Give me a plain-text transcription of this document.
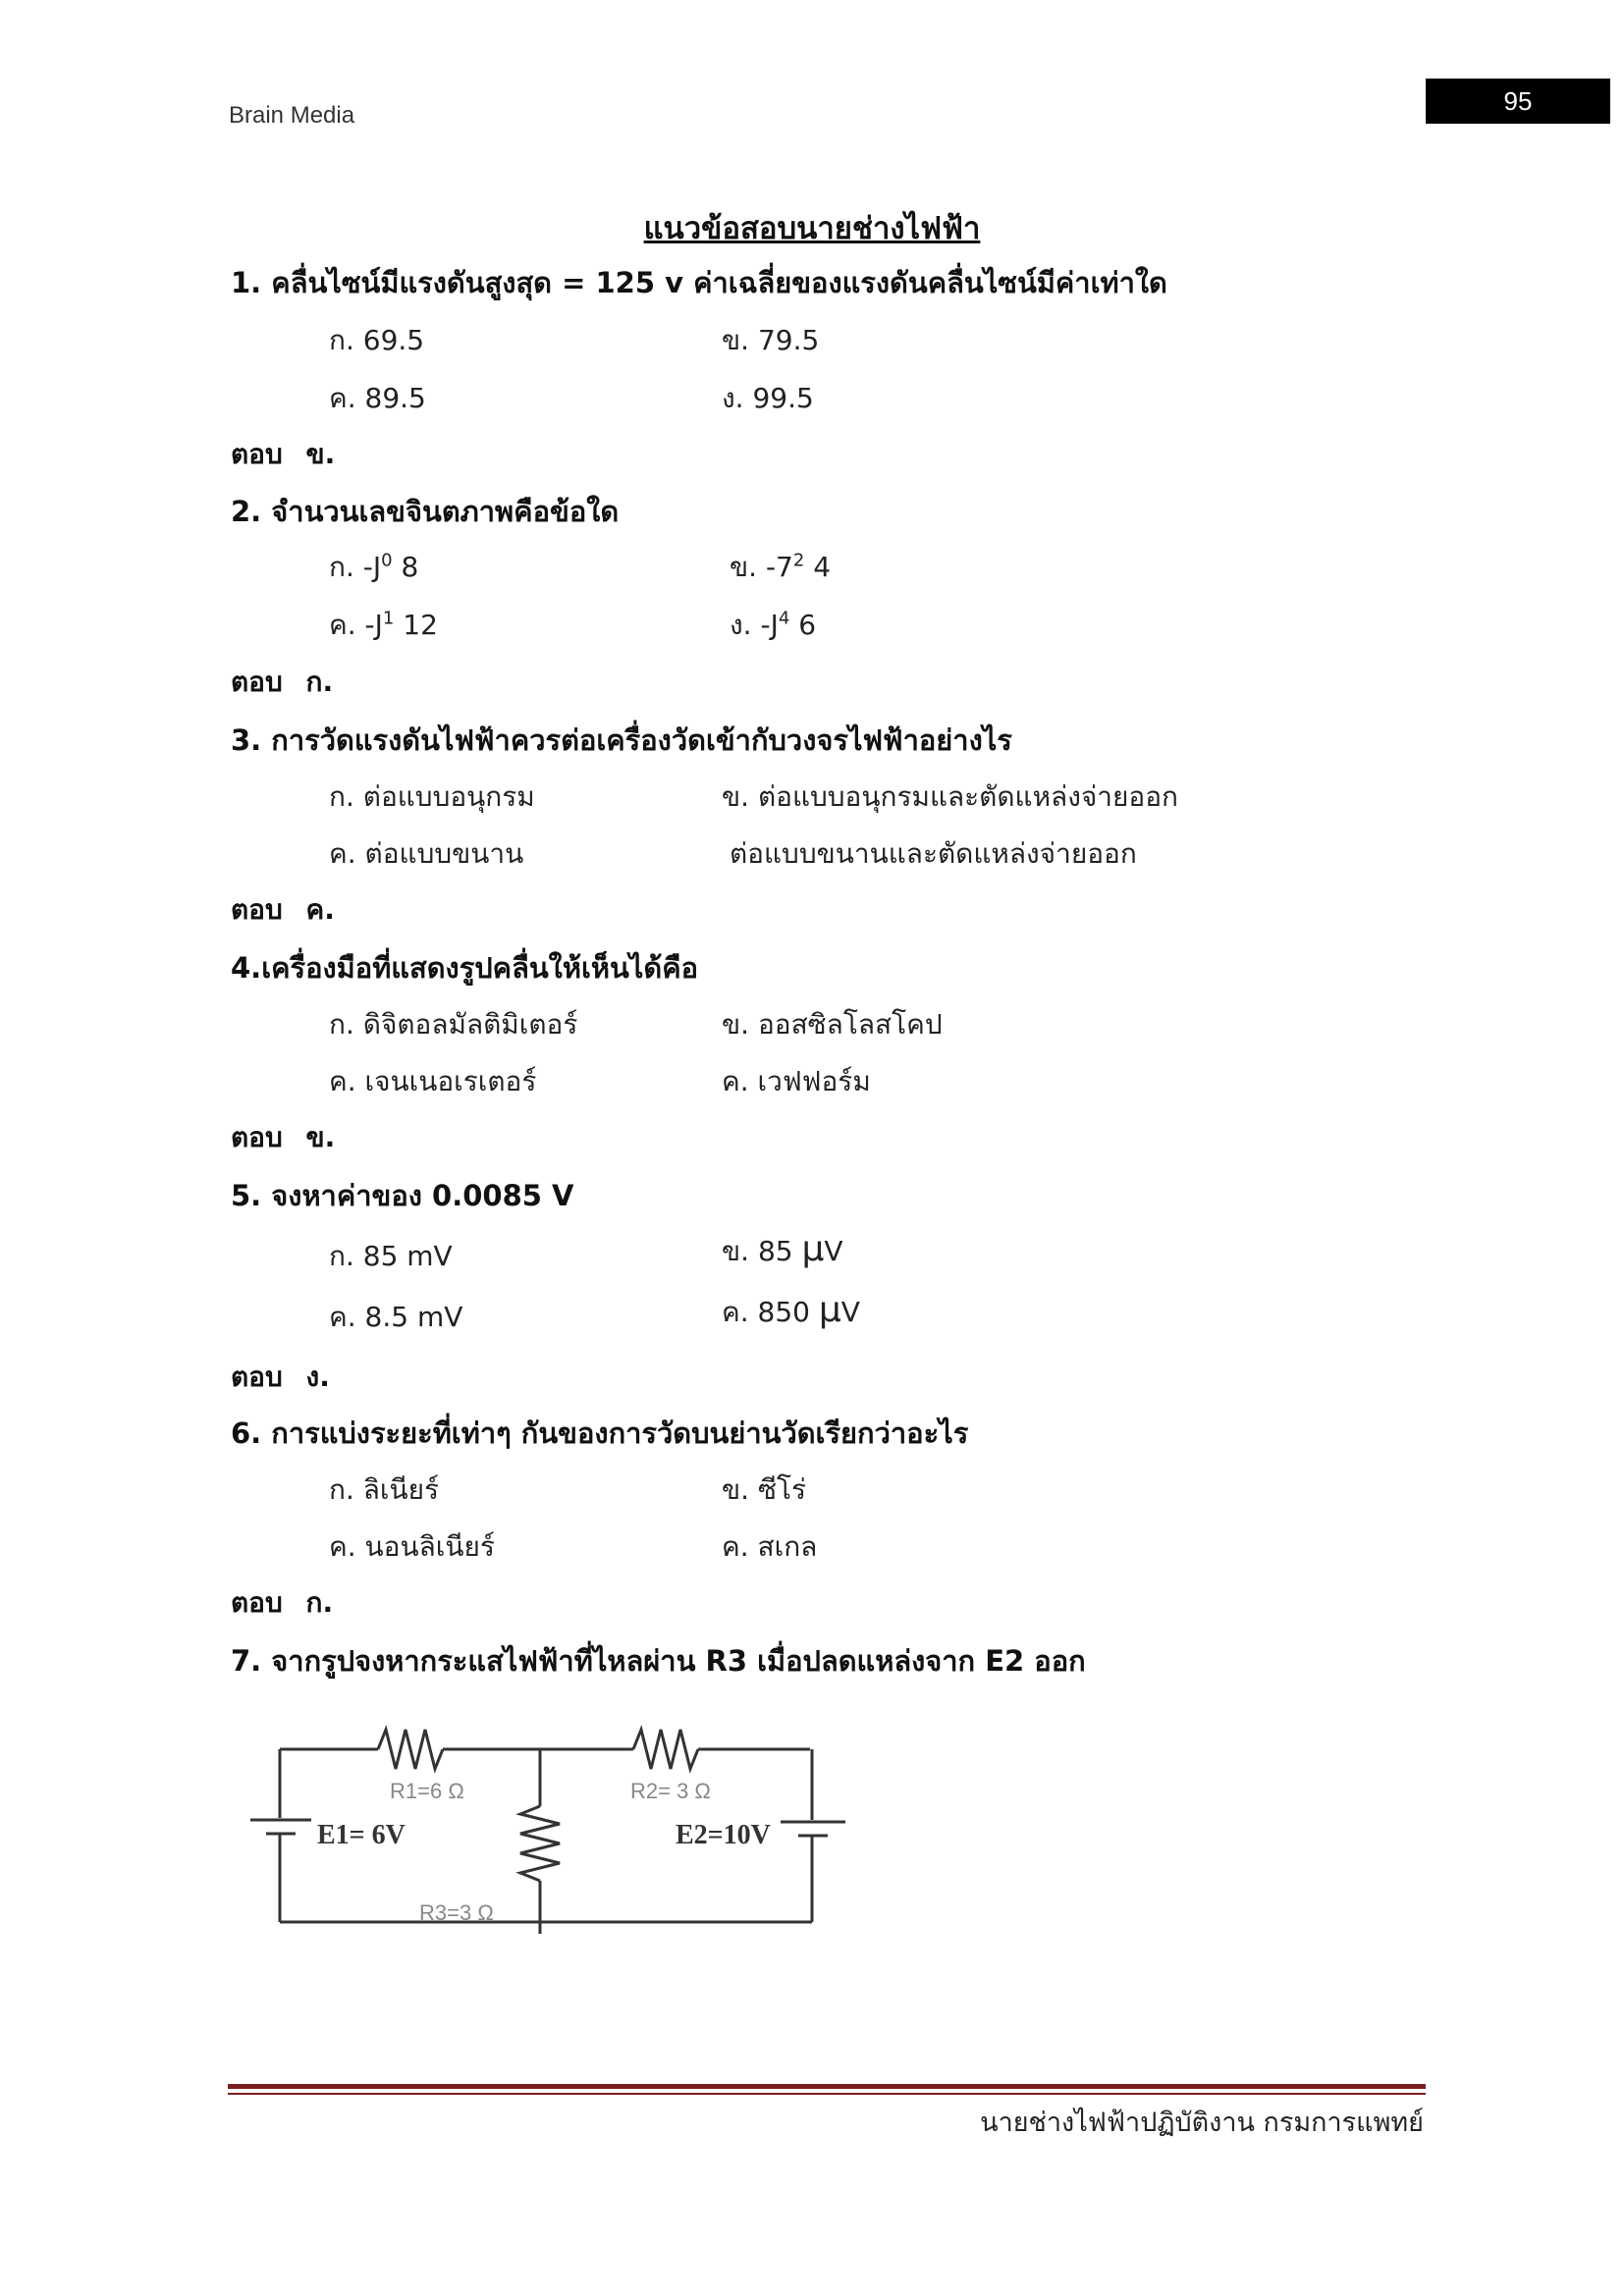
Brain Media	95
แนวข้อสอบนายช่างไฟฟ้า
1. คลื่นไซน์มีแรงดันสูงสุด = 125 v ค่าเฉลี่ยของแรงดันคลื่นไซน์มีค่าเท่าใด
ก. 69.5	ข. 79.5
ค. 89.5	ง. 99.5
ตอบ ข.
2. จำนวนเลขจินตภาพคือข้อใด
ก. $-J^0$ 8	ข. $-7^2$ 4
ค. $-J^1$ 12	ง. $-J^4$ 6
ตอบ ก.
3. การวัดแรงดันไฟฟ้าควรต่อเครื่องวัดเข้ากับวงจรไฟฟ้าอย่างไร
ก. ต่อแบบอนุกรม	ข. ต่อแบบอนุกรมและตัดแหล่งจ่ายออก
ค. ต่อแบบขนาน	ต่อแบบขนานและตัดแหล่งจ่ายออก
ตอบ ค.
4.เครื่องมือที่แสดงรูปคลื่นให้เห็นได้คือ
ก. ดิจิตอลมัลติมิเตอร์	ข. ออสซิลโลสโคป
ค. เจนเนอเรเตอร์	ค. เวฟฟอร์ม
ตอบ ข.
5. จงหาค่าของ 0.0085 V
ก. 85 mV	ข. 85 μV
ค. 8.5 mV	ค. 850 μV
ตอบ ง.
6. การแบ่งระยะที่เท่าๆ กันของการวัดบนย่านวัดเรียกว่าอะไร
ก. ลิเนียร์	ข. ซีโร่
ค. นอนลิเนียร์	ค. สเกล
ตอบ ก.
7. จากรูปจงหากระแสไฟฟ้าที่ไหลผ่าน R3 เมื่อปลดแหล่งจาก E2 ออก
R1=6 Ω	R2= 3 Ω
R3=3 Ω
E1= 6V	E2=10V
นายช่างไฟฟ้าปฏิบัติงาน กรมการแพทย์
